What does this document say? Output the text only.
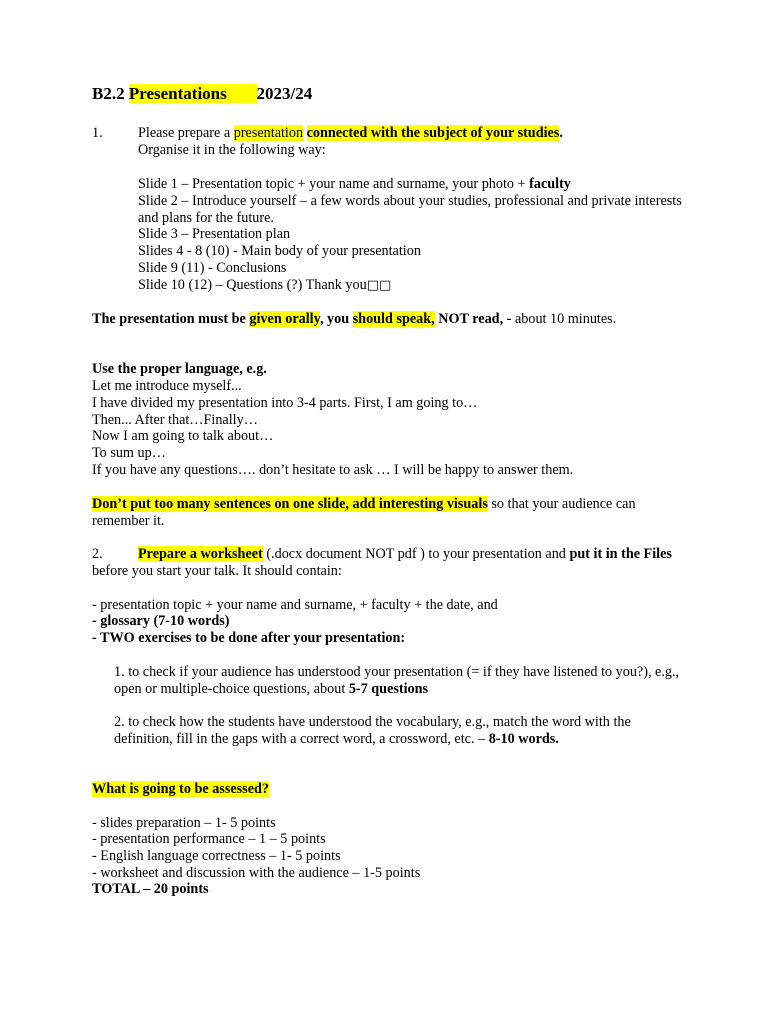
B2.2 Presentations 2023/24
1. Please prepare a presentation connected with the subject of your studies.
Organise it in the following way:
Slide 1 – Presentation topic + your name and surname, your photo + faculty
Slide 2 – Introduce yourself – a few words about your studies, professional and private interests and plans for the future.
Slide 3 – Presentation plan
Slides 4 - 8 (10) - Main body of your presentation
Slide 9 (11) - Conclusions
Slide 10 (12) – Questions (?) Thank you□□
The presentation must be given orally, you should speak, NOT read, - about 10 minutes.
Use the proper language, e.g.
Let me introduce myself...
I have divided my presentation into 3-4 parts. First, I am going to…
Then... After that…Finally…
Now I am going to talk about…
To sum up…
If you have any questions…. don’t hesitate to ask … I will be happy to answer them.
Don’t put too many sentences on one slide, add interesting visuals so that your audience can remember it.
2.	Prepare a worksheet (.docx document NOT pdf ) to your presentation and put it in the Files before you start your talk. It should contain:
- presentation topic + your name and surname, + faculty + the date, and
- glossary (7-10 words)
- TWO exercises to be done after your presentation:
1. to check if your audience has understood your presentation (= if they have listened to you?), e.g., open or multiple-choice questions, about 5-7 questions
2. to check how the students have understood the vocabulary, e.g., match the word with the definition, fill in the gaps with a correct word, a crossword, etc. – 8-10 words.
What is going to be assessed?
- slides preparation – 1- 5 points
- presentation performance – 1 – 5 points
- English language correctness – 1- 5 points
- worksheet and discussion with the audience – 1-5 points
TOTAL – 20 points
